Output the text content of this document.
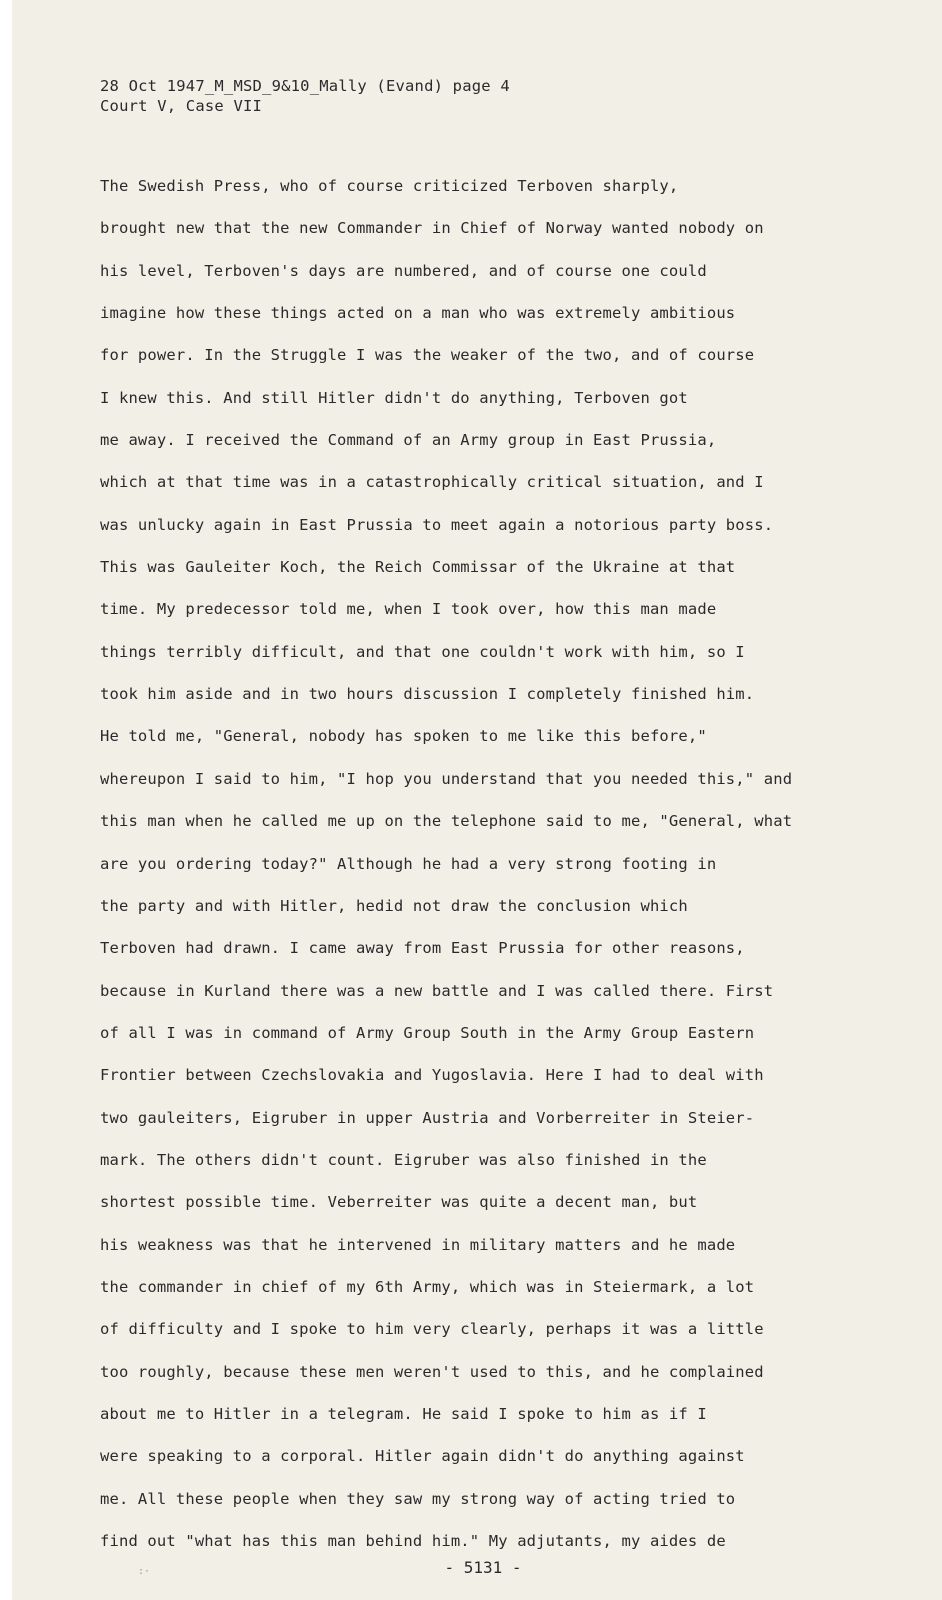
28 Oct 1947_M_MSD_9&10_Mally (Evand) page 4
Court V, Case VII
The Swedish Press, who of course criticized Terboven sharply,
brought new that the new Commander in Chief of Norway wanted nobody on
his level, Terboven's days are numbered, and of course one could
imagine how these things acted on a man who was extremely ambitious
for power. In the Struggle I was the weaker of the two, and of course
I knew this. And still Hitler didn't do anything, Terboven got
me away. I received the Command of an Army group in East Prussia,
which at that time was in a catastrophically critical situation, and I
was unlucky again in East Prussia to meet again a notorious party boss.
This was Gauleiter Koch, the Reich Commissar of the Ukraine at that
time. My predecessor told me, when I took over, how this man made
things terribly difficult, and that one couldn't work with him, so I
took him aside and in two hours discussion I completely finished him.
He told me, "General, nobody has spoken to me like this before,"
whereupon I said to him, "I hop you understand that you needed this," and
this man when he called me up on the telephone said to me, "General, what
are you ordering today?" Although he had a very strong footing in
the party and with Hitler, hedid not draw the conclusion which
Terboven had drawn. I came away from East Prussia for other reasons,
because in Kurland there was a new battle and I was called there. First
of all I was in command of Army Group South in the Army Group Eastern
Frontier between Czechslovakia and Yugoslavia. Here I had to deal with
two gauleiters, Eigruber in upper Austria and Vorberreiter in Steier-
mark. The others didn't count. Eigruber was also finished in the
shortest possible time. Veberreiter was quite a decent man, but
his weakness was that he intervened in military matters and he made
the commander in chief of my 6th Army, which was in Steiermark, a lot
of difficulty and I spoke to him very clearly, perhaps it was a little
too roughly, because these men weren't used to this, and he complained
about me to Hitler in a telegram. He said I spoke to him as if I
were speaking to a corporal. Hitler again didn't do anything against
me. All these people when they saw my strong way of acting tried to
find out "what has this man behind him." My adjutants, my aides de
:·	- 5131 -
